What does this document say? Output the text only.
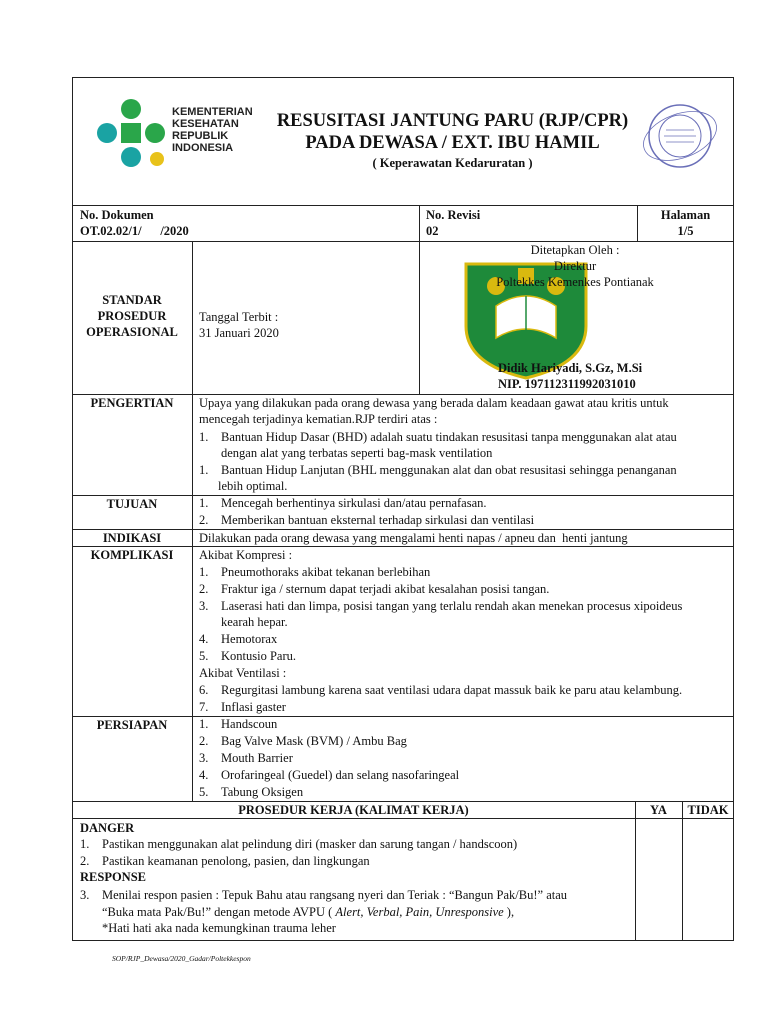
KEMENTERIAN
KESEHATAN
REPUBLIK
INDONESIA
RESUSITASI JANTUNG PARU (RJP/CPR)
PADA DEWASA / EXT. IBU HAMIL
( Keperawatan Kedaruratan )
No. Dokumen
OT.02.02/1/      /2020
No. Revisi
02
Halaman
1/5
STANDAR
PROSEDUR
OPERASIONAL
Tanggal Terbit :
31 Januari 2020
Ditetapkan Oleh :
Direktur
Poltekkes Kemenkes Pontianak
Didik Hariyadi, S.Gz, M.Si
NIP. 197112311992031010
PENGERTIAN	Upaya yang dilakukan pada orang dewasa yang berada dalam keadaan gawat atau kritis untuk
mencegah terjadinya kematian.RJP terdiri atas :
1. Bantuan Hidup Dasar (BHD) adalah suatu tindakan resusitasi tanpa menggunakan alat atau
dengan alat yang terbatas seperti bag-mask ventilation
1. Bantuan Hidup Lanjutan (BHL menggunakan alat dan obat resusitasi sehingga penanganan
lebih optimal.
TUJUAN	1. Mencegah berhentinya sirkulasi dan/atau pernafasan.
2. Memberikan bantuan eksternal terhadap sirkulasi dan ventilasi
INDIKASI	Dilakukan pada orang dewasa yang mengalami henti napas / apneu dan  henti jantung
KOMPLIKASI	Akibat Kompresi :
1. Pneumothoraks akibat tekanan berlebihan
2. Fraktur iga / sternum dapat terjadi akibat kesalahan posisi tangan.
3. Laserasi hati dan limpa, posisi tangan yang terlalu rendah akan menekan procesus xipoideus
kearah hepar.
4. Hemotorax
5. Kontusio Paru.
Akibat Ventilasi :
6. Regurgitasi lambung karena saat ventilasi udara dapat massuk baik ke paru atau kelambung.
7. Inflasi gaster
PERSIAPAN	1. Handscoun
2. Bag Valve Mask (BVM) / Ambu Bag
3. Mouth Barrier
4. Orofaringeal (Guedel) dan selang nasofaringeal
5. Tabung Oksigen
PROSEDUR KERJA (KALIMAT KERJA)	YA	TIDAK
DANGER
1. Pastikan menggunakan alat pelindung diri (masker dan sarung tangan / handscoon)
2. Pastikan keamanan penolong, pasien, dan lingkungan
RESPONSE
3. Menilai respon pasien : Tepuk Bahu atau rangsang nyeri dan Teriak : “Bangun Pak/Bu!” atau
“Buka mata Pak/Bu!” dengan metode AVPU ( Alert, Verbal, Pain, Unresponsive ),
*Hati hati aka nada kemungkinan trauma leher
SOP/RJP_Dewasa/2020_Gadar/Poltekkespon
